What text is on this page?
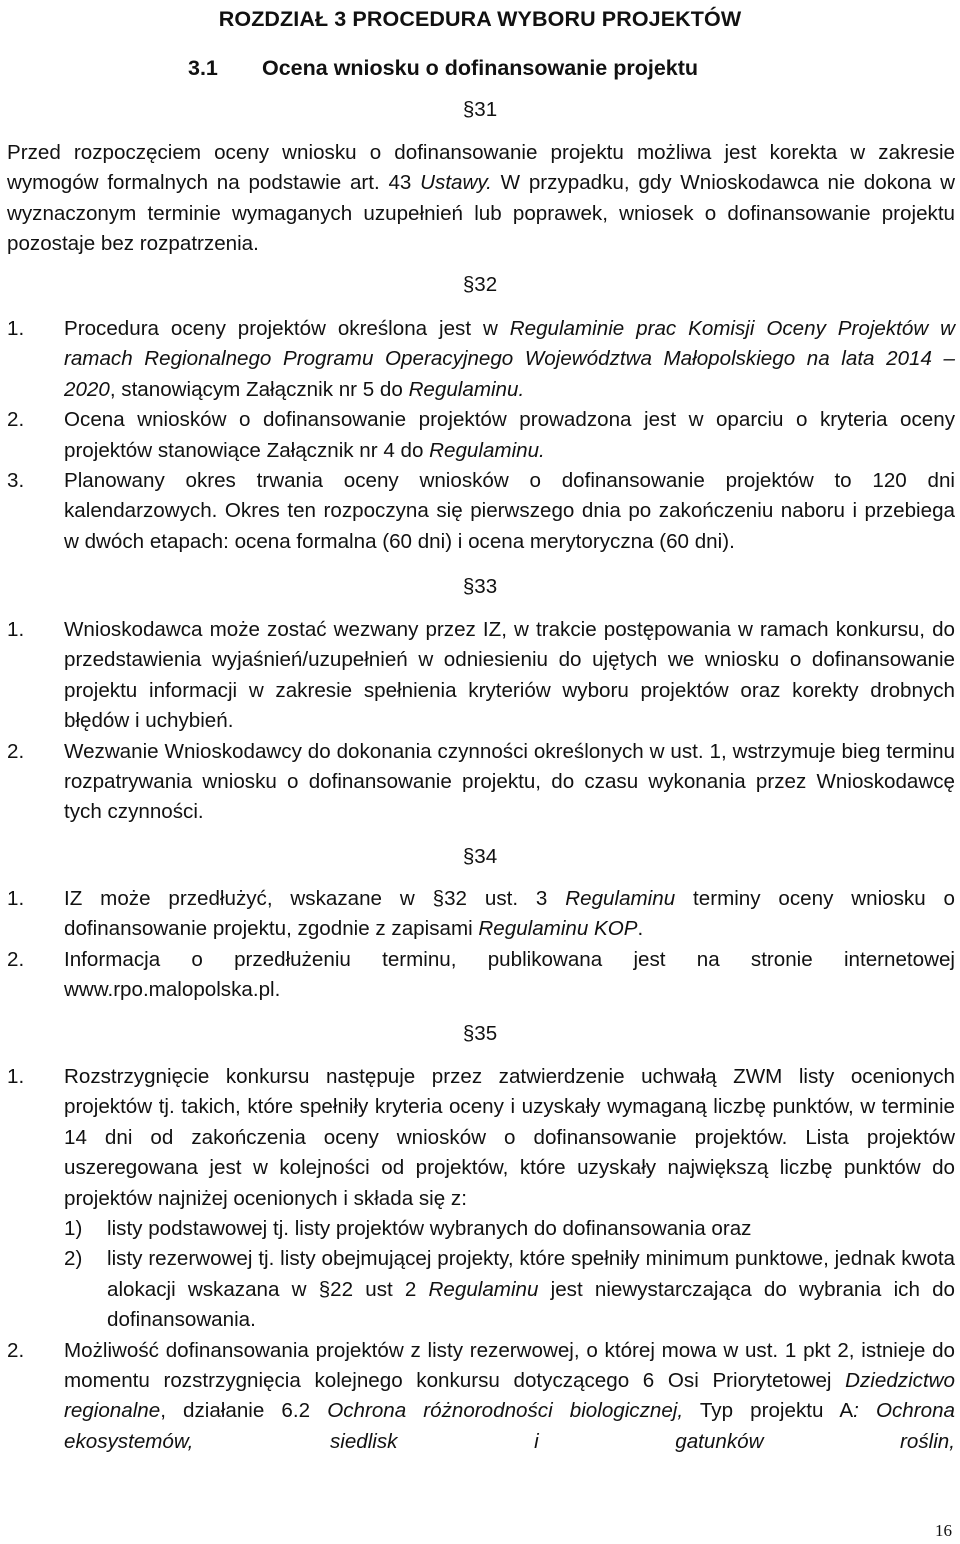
ROZDZIAŁ 3 PROCEDURA WYBORU PROJEKTÓW
3.1 Ocena wniosku o dofinansowanie projektu
§31
Przed rozpoczęciem oceny wniosku o dofinansowanie projektu możliwa jest korekta w zakresie wymogów formalnych na podstawie art. 43 Ustawy. W przypadku, gdy Wnioskodawca nie dokona w wyznaczonym terminie wymaganych uzupełnień lub poprawek, wniosek o dofinansowanie projektu pozostaje bez rozpatrzenia.
§32
1. Procedura oceny projektów określona jest w Regulaminie prac Komisji Oceny Projektów w ramach Regionalnego Programu Operacyjnego Województwa Małopolskiego na lata 2014 – 2020, stanowiącym Załącznik nr 5 do Regulaminu.
2. Ocena wniosków o dofinansowanie projektów prowadzona jest w oparciu o kryteria oceny projektów stanowiące Załącznik nr 4 do Regulaminu.
3. Planowany okres trwania oceny wniosków o dofinansowanie projektów to 120 dni kalendarzowych. Okres ten rozpoczyna się pierwszego dnia po zakończeniu naboru i przebiega w dwóch etapach: ocena formalna (60 dni) i ocena merytoryczna (60 dni).
§33
1. Wnioskodawca może zostać wezwany przez IZ, w trakcie postępowania w ramach konkursu, do przedstawienia wyjaśnień/uzupełnień w odniesieniu do ujętych we wniosku o dofinansowanie projektu informacji w zakresie spełnienia kryteriów wyboru projektów oraz korekty drobnych błędów i uchybień.
2. Wezwanie Wnioskodawcy do dokonania czynności określonych w ust. 1, wstrzymuje bieg terminu rozpatrywania wniosku o dofinansowanie projektu, do czasu wykonania przez Wnioskodawcę tych czynności.
§34
1. IZ może przedłużyć, wskazane w §32 ust. 3 Regulaminu terminy oceny wniosku o dofinansowanie projektu, zgodnie z zapisami Regulaminu KOP.
2. Informacja o przedłużeniu terminu, publikowana jest na stronie internetowej www.rpo.malopolska.pl.
§35
1. Rozstrzygnięcie konkursu następuje przez zatwierdzenie uchwałą ZWM listy ocenionych projektów tj. takich, które spełniły kryteria oceny i uzyskały wymaganą liczbę punktów, w terminie 14 dni od zakończenia oceny wniosków o dofinansowanie projektów. Lista projektów uszeregowana jest w kolejności od projektów, które uzyskały największą liczbę punktów do projektów najniżej ocenionych i składa się z:
1) listy podstawowej tj. listy projektów wybranych do dofinansowania oraz
2) listy rezerwowej tj. listy obejmującej projekty, które spełniły minimum punktowe, jednak kwota alokacji wskazana w §22 ust 2 Regulaminu jest niewystarczająca do wybrania ich do dofinansowania.
2. Możliwość dofinansowania projektów z listy rezerwowej, o której mowa w ust. 1 pkt 2, istnieje do momentu rozstrzygnięcia kolejnego konkursu dotyczącego 6 Osi Priorytetowej Dziedzictwo regionalne, działanie 6.2 Ochrona różnorodności biologicznej, Typ projektu A: Ochrona ekosystemów, siedlisk i gatunków roślin,
16
